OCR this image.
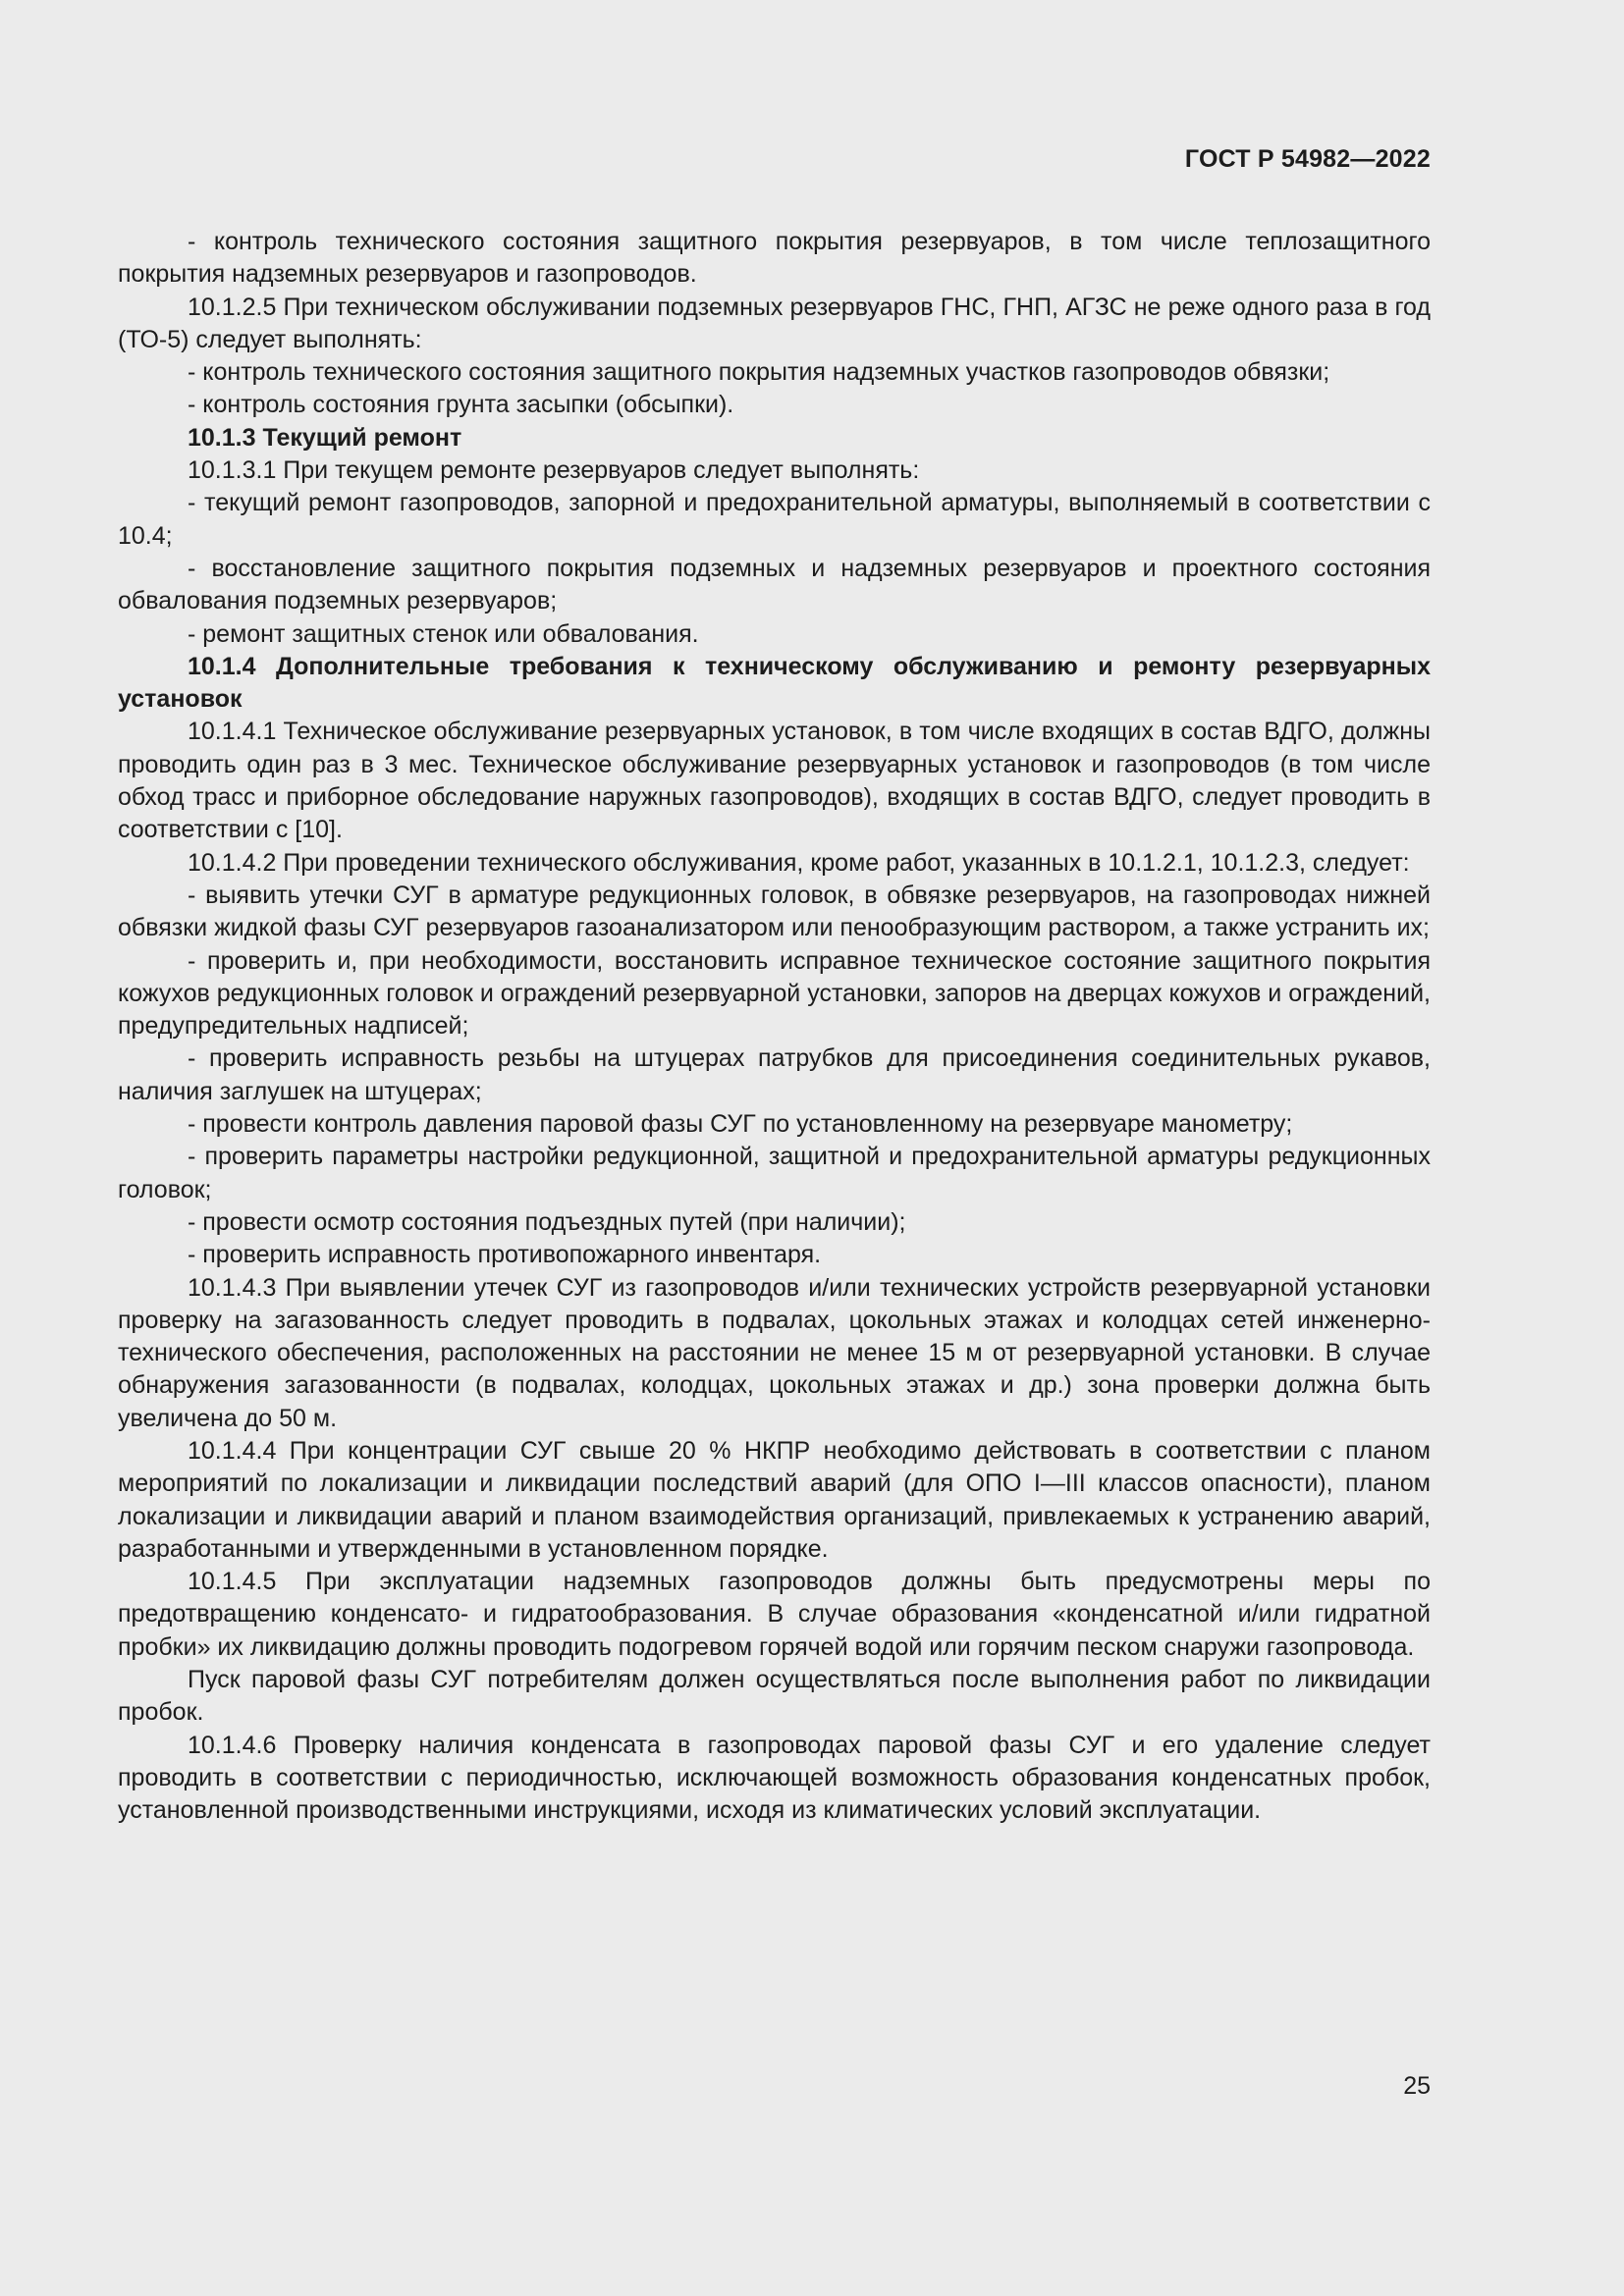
ГОСТ Р 54982—2022

- контроль технического состояния защитного покрытия резервуаров, в том числе теплозащитного покрытия надземных резервуаров и газопроводов.

10.1.2.5 При техническом обслуживании подземных резервуаров ГНС, ГНП, АГЗС не реже одного раза в год (ТО-5) следует выполнять:

- контроль технического состояния защитного покрытия надземных участков газопроводов обвязки;

- контроль состояния грунта засыпки (обсыпки).

10.1.3 Текущий ремонт

10.1.3.1 При текущем ремонте резервуаров следует выполнять:

- текущий ремонт газопроводов, запорной и предохранительной арматуры, выполняемый в соответствии с 10.4;

- восстановление защитного покрытия подземных и надземных резервуаров и проектного состояния обвалования подземных резервуаров;

- ремонт защитных стенок или обвалования.

10.1.4 Дополнительные требования к техническому обслуживанию и ремонту резервуарных установок

10.1.4.1 Техническое обслуживание резервуарных установок, в том числе входящих в состав ВДГО, должны проводить один раз в 3 мес. Техническое обслуживание резервуарных установок и газопроводов (в том числе обход трасс и приборное обследование наружных газопроводов), входящих в состав ВДГО, следует проводить в соответствии с [10].

10.1.4.2 При проведении технического обслуживания, кроме работ, указанных в 10.1.2.1, 10.1.2.3, следует:

- выявить утечки СУГ в арматуре редукционных головок, в обвязке резервуаров, на газопроводах нижней обвязки жидкой фазы СУГ резервуаров газоанализатором или пенообразующим раствором, а также устранить их;

- проверить и, при необходимости, восстановить исправное техническое состояние защитного покрытия кожухов редукционных головок и ограждений резервуарной установки, запоров на дверцах кожухов и ограждений, предупредительных надписей;

- проверить исправность резьбы на штуцерах патрубков для присоединения соединительных рукавов, наличия заглушек на штуцерах;

- провести контроль давления паровой фазы СУГ по установленному на резервуаре манометру;

- проверить параметры настройки редукционной, защитной и предохранительной арматуры редукционных головок;

- провести осмотр состояния подъездных путей (при наличии);

- проверить исправность противопожарного инвентаря.

10.1.4.3 При выявлении утечек СУГ из газопроводов и/или технических устройств резервуарной установки проверку на загазованность следует проводить в подвалах, цокольных этажах и колодцах сетей инженерно-технического обеспечения, расположенных на расстоянии не менее 15 м от резервуарной установки. В случае обнаружения загазованности (в подвалах, колодцах, цокольных этажах и др.) зона проверки должна быть увеличена до 50 м.

10.1.4.4 При концентрации СУГ свыше 20 % НКПР необходимо действовать в соответствии с планом мероприятий по локализации и ликвидации последствий аварий (для ОПО I—III классов опасности), планом локализации и ликвидации аварий и планом взаимодействия организаций, привлекаемых к устранению аварий, разработанными и утвержденными в установленном порядке.

10.1.4.5 При эксплуатации надземных газопроводов должны быть предусмотрены меры по предотвращению конденсато- и гидратообразования. В случае образования «конденсатной и/или гидратной пробки» их ликвидацию должны проводить подогревом горячей водой или горячим песком снаружи газопровода.

Пуск паровой фазы СУГ потребителям должен осуществляться после выполнения работ по ликвидации пробок.

10.1.4.6 Проверку наличия конденсата в газопроводах паровой фазы СУГ и его удаление следует проводить в соответствии с периодичностью, исключающей возможность образования конденсатных пробок, установленной производственными инструкциями, исходя из климатических условий эксплуатации.

25
